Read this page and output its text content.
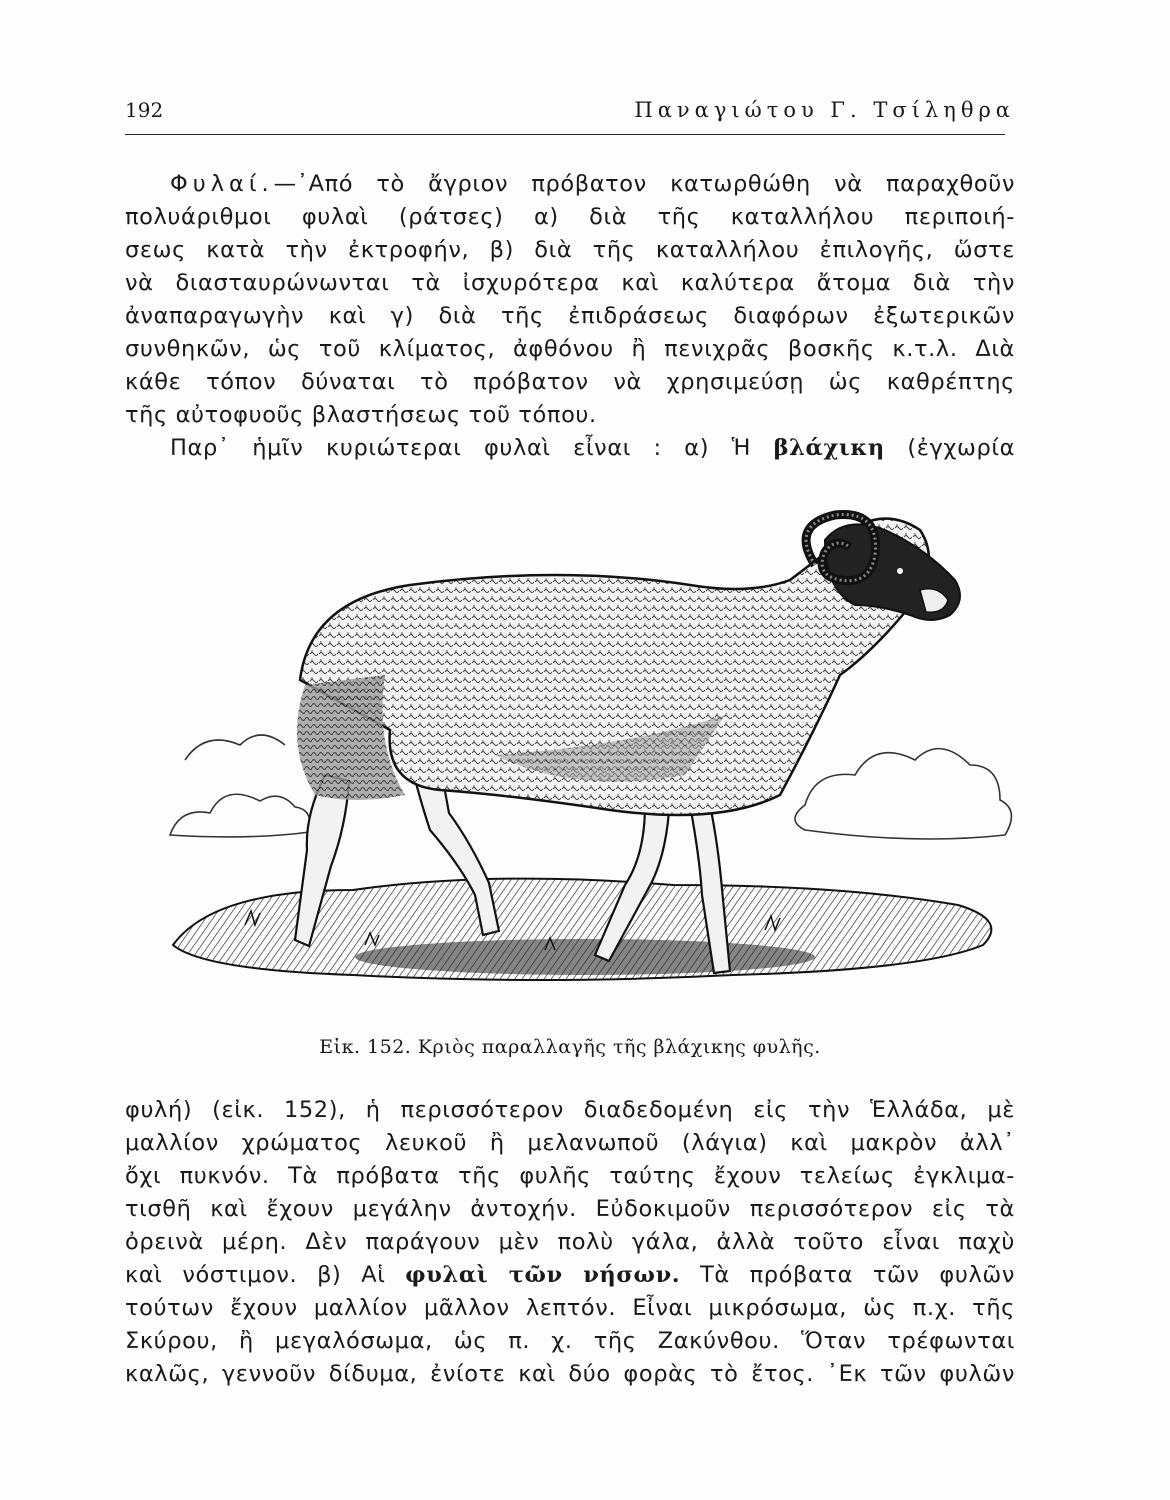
192	Παναγιώτου Γ. Τσίληθρα
Φυλαί.—᾿Από τὸ ἄγριον πρόβατον κατωρθώθη νὰ παραχθοῦν
πολυάριθμοι φυλαὶ (ράτσες) α) διὰ τῆς καταλλήλου περιποιή-
σεως κατὰ τὴν ἐκτροφήν, β) διὰ τῆς καταλλήλου ἐπιλογῆς, ὥστε
νὰ διασταυρώνωνται τὰ ἰσχυρότερα καὶ καλύτερα ἄτομα διὰ τὴν
ἀναπαραγωγὴν καὶ γ) διὰ τῆς ἐπιδράσεως διαφόρων ἐξωτερικῶν
συνθηκῶν, ὡς τοῦ κλίματος, ἀφθόνου ἢ πενιχρᾶς βοσκῆς κ.τ.λ. Διὰ
κάθε τόπον δύναται τὸ πρόβατον νὰ χρησιμεύσῃ ὡς καθρέπτης
τῆς αὐτοφυοῦς βλαστήσεως τοῦ τόπου.
Παρ᾿ ἡμῖν κυριώτεραι φυλαὶ εἶναι : α) Ἡ βλάχικη (ἐγχωρία
Εἰκ. 152. Κριὸς παραλλαγῆς τῆς βλάχικης φυλῆς.
φυλή) (εἰκ. 152), ἡ περισσότερον διαδεδομένη εἰς τὴν Ἑλλάδα, μὲ
μαλλίον χρώματος λευκοῦ ἢ μελανωποῦ (λάγια) καὶ μακρὸν ἀλλ᾿
ὄχι πυκνόν. Τὰ πρόβατα τῆς φυλῆς ταύτης ἔχουν τελείως ἐγκλιμα-
τισθῆ καὶ ἔχουν μεγάλην ἀντοχήν. Εὐδοκιμοῦν περισσότερον εἰς τὰ
ὀρεινὰ μέρη. Δὲν παράγουν μὲν πολὺ γάλα, ἀλλὰ τοῦτο εἶναι παχὺ
καὶ νόστιμον. β) Αἱ φυλαὶ τῶν νήσων. Τὰ πρόβατα τῶν φυλῶν
τούτων ἔχουν μαλλίον μᾶλλον λεπτόν. Εἶναι μικρόσωμα, ὡς π.χ. τῆς
Σκύρου, ἢ μεγαλόσωμα, ὡς π. χ. τῆς Ζακύνθου. Ὅταν τρέφωνται
καλῶς, γεννοῦν δίδυμα, ἐνίοτε καὶ δύο φορὰς τὸ ἔτος. ᾿Εκ τῶν φυλῶν
